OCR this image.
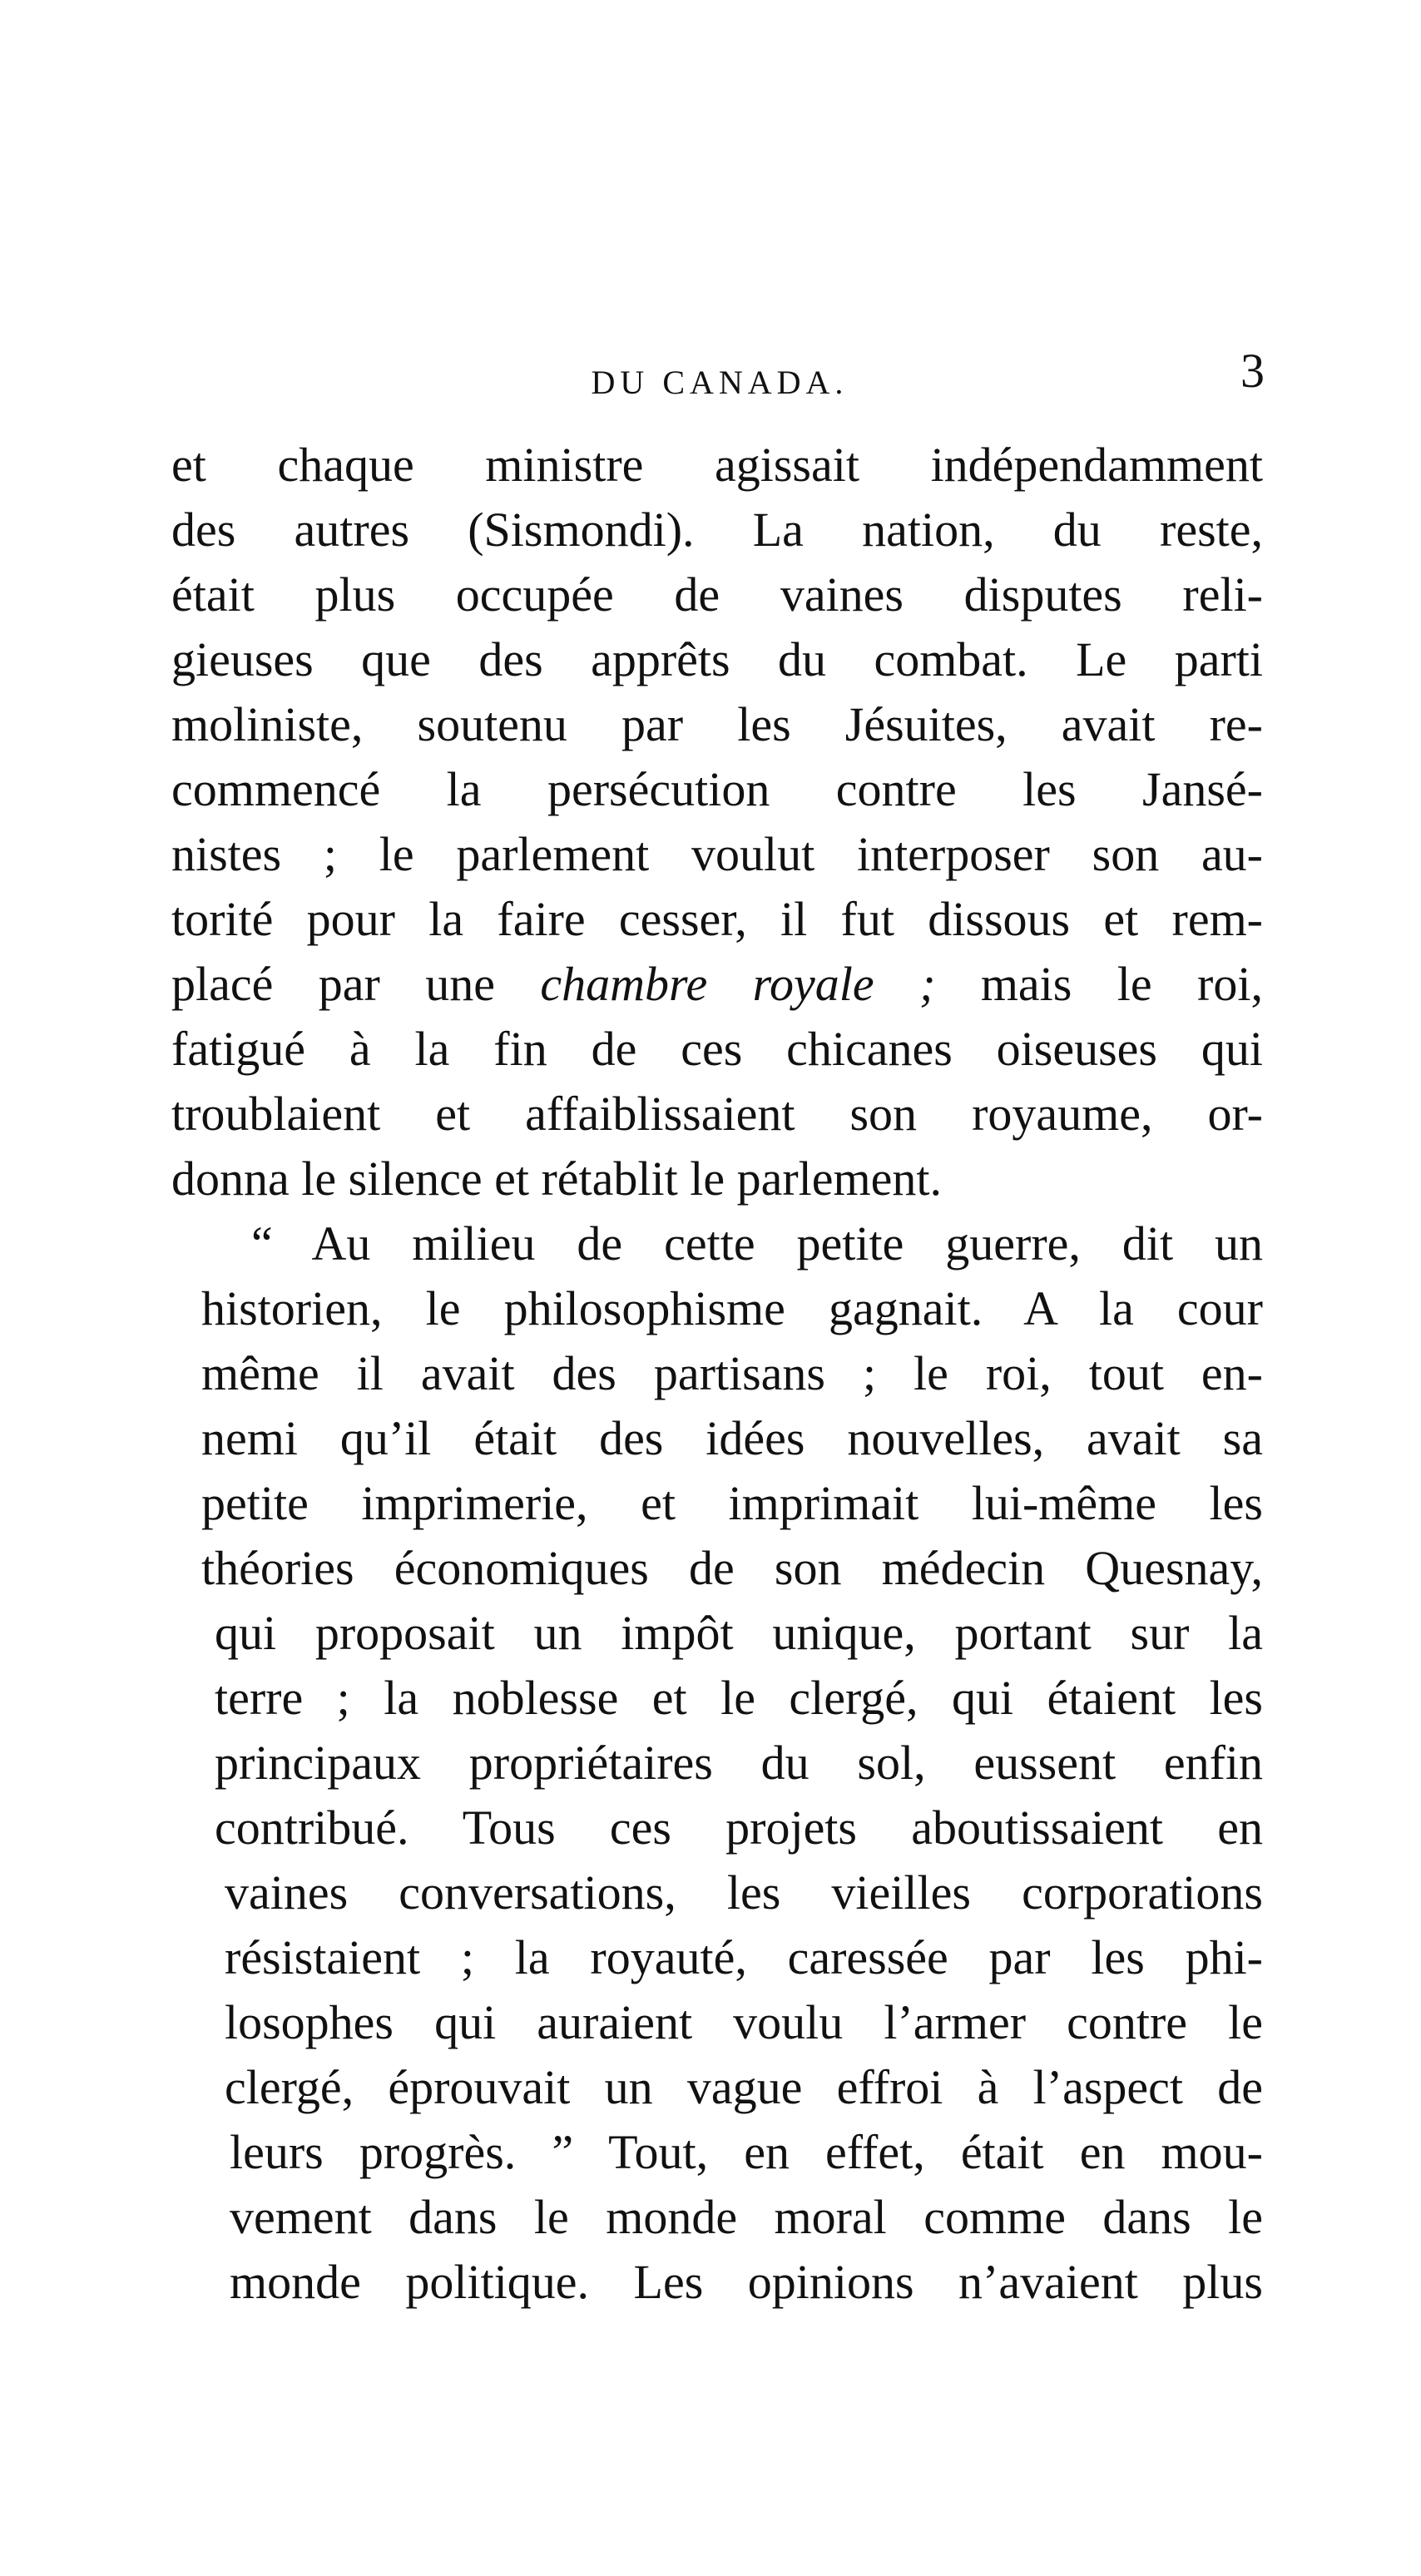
DU CANADA.	3
et chaque ministre agissait indépendamment
des autres (Sismondi). La nation, du reste,
était plus occupée de vaines disputes reli-
gieuses que des apprêts du combat. Le parti
moliniste, soutenu par les Jésuites, avait re-
commencé la persécution contre les Jansé-
nistes ; le parlement voulut interposer son au-
torité pour la faire cesser, il fut dissous et rem-
placé par une chambre royale ; mais le roi,
fatigué à la fin de ces chicanes oiseuses qui
troublaient et affaiblissaient son royaume, or-
donna le silence et rétablit le parlement.
“ Au milieu de cette petite guerre, dit un
historien, le philosophisme gagnait. A la cour
même il avait des partisans ; le roi, tout en-
nemi qu’il était des idées nouvelles, avait sa
petite imprimerie, et imprimait lui-même les
théories économiques de son médecin Quesnay,
qui proposait un impôt unique, portant sur la
terre ; la noblesse et le clergé, qui étaient les
principaux propriétaires du sol, eussent enfin
contribué. Tous ces projets aboutissaient en
vaines conversations, les vieilles corporations
résistaient ; la royauté, caressée par les phi-
losophes qui auraient voulu l’armer contre le
clergé, éprouvait un vague effroi à l’aspect de
leurs progrès. ” Tout, en effet, était en mou-
vement dans le monde moral comme dans le
monde politique. Les opinions n’avaient plus
